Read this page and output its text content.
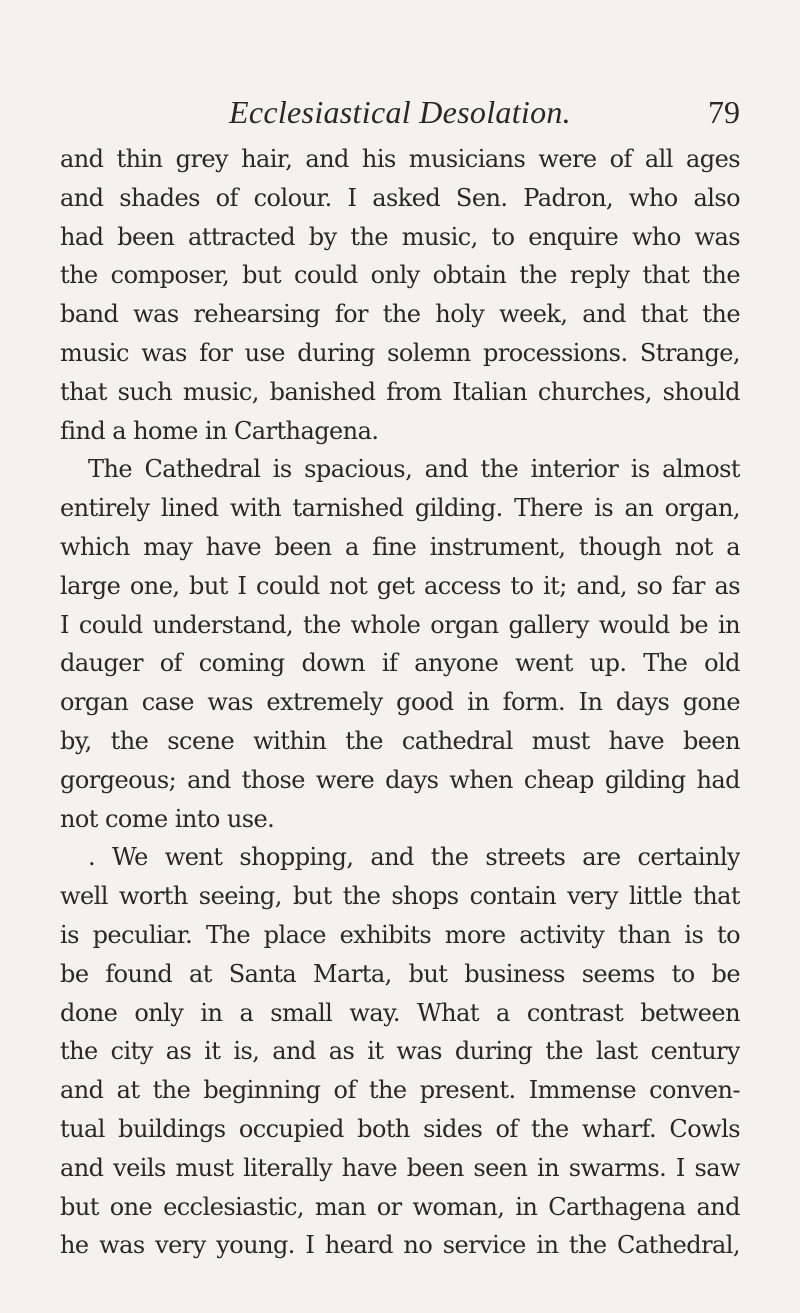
Ecclesiastical Desolation.	79
and thin grey hair, and his musicians were of all ages
and shades of colour. I asked Sen. Padron, who also
had been attracted by the music, to enquire who was
the composer, but could only obtain the reply that the
band was rehearsing for the holy week, and that the
music was for use during solemn processions. Strange,
that such music, banished from Italian churches, should
find a home in Carthagena.
The Cathedral is spacious, and the interior is almost
entirely lined with tarnished gilding. There is an organ,
which may have been a fine instrument, though not a
large one, but I could not get access to it; and, so far as
I could understand, the whole organ gallery would be in
dauger of coming down if anyone went up. The old
organ case was extremely good in form. In days gone
by, the scene within the cathedral must have been
gorgeous; and those were days when cheap gilding had
not come into use.
. We went shopping, and the streets are certainly
well worth seeing, but the shops contain very little that
is peculiar. The place exhibits more activity than is to
be found at Santa Marta, but business seems to be
done only in a small way. What a contrast between
the city as it is, and as it was during the last century
and at the beginning of the present. Immense conven-
tual buildings occupied both sides of the wharf. Cowls
and veils must literally have been seen in swarms. I saw
but one ecclesiastic, man or woman, in Carthagena and
he was very young. I heard no service in the Cathedral,
